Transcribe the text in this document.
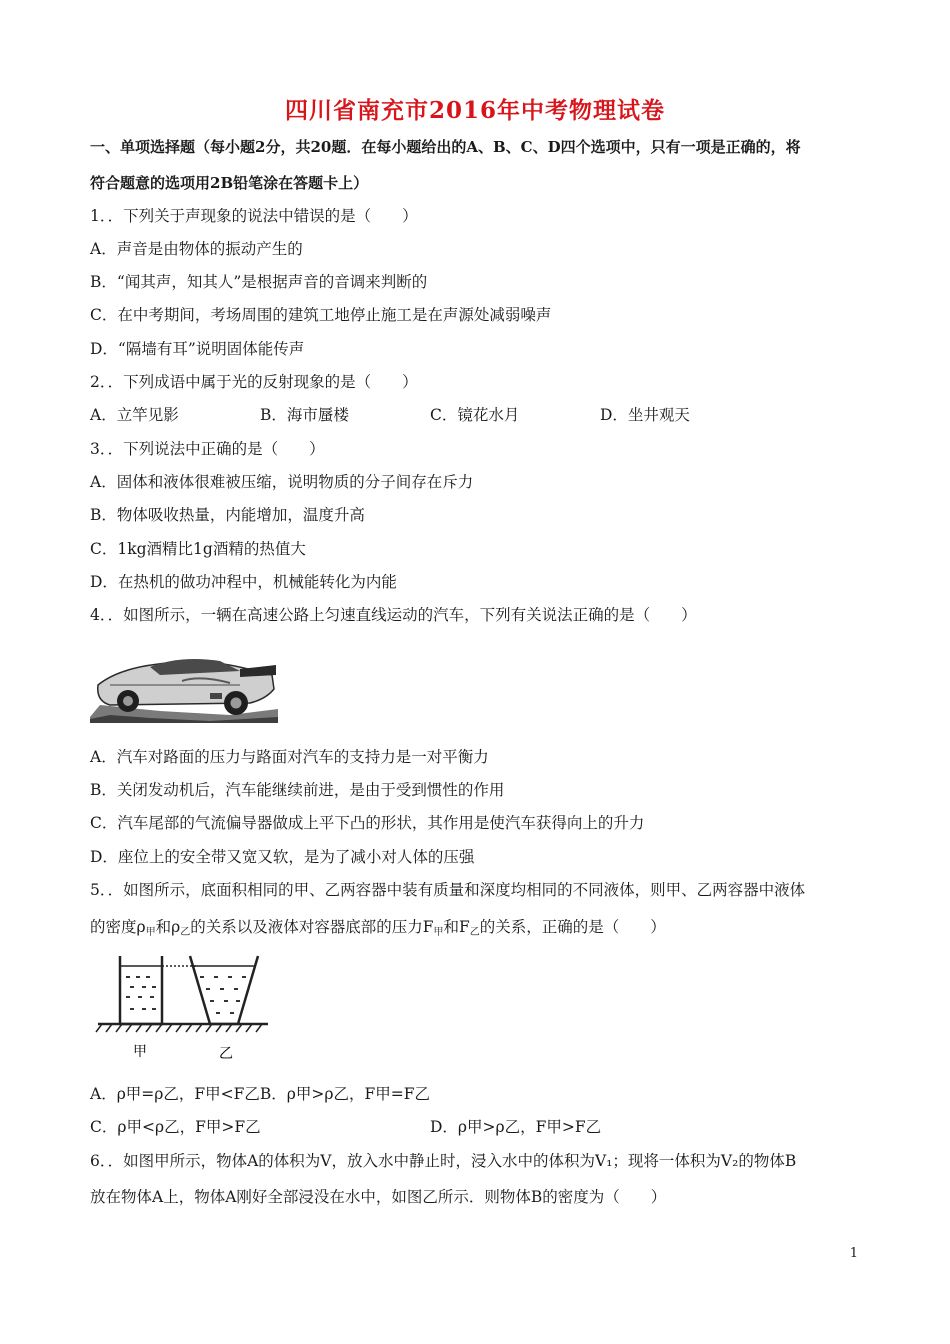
四川省南充市2016年中考物理试卷
一、单项选择题（每小题2分，共20题．在每小题给出的A、B、C、D四个选项中，只有一项是正确的，将
符合题意的选项用2B铅笔涂在答题卡上）
1．．下列关于声现象的说法中错误的是（　　）
A．声音是由物体的振动产生的
B．“闻其声，知其人”是根据声音的音调来判断的
C．在中考期间，考场周围的建筑工地停止施工是在声源处减弱噪声
D．“隔墙有耳”说明固体能传声
2．．下列成语中属于光的反射现象的是（　　）
A．立竿见影	B．海市蜃楼	C．镜花水月	D．坐井观天
3．．下列说法中正确的是（　　）
A．固体和液体很难被压缩，说明物质的分子间存在斥力
B．物体吸收热量，内能增加，温度升高
C．1kg酒精比1g酒精的热值大
D．在热机的做功冲程中，机械能转化为内能
4．．如图所示，一辆在高速公路上匀速直线运动的汽车，下列有关说法正确的是（　　）
A．汽车对路面的压力与路面对汽车的支持力是一对平衡力
B．关闭发动机后，汽车能继续前进，是由于受到惯性的作用
C．汽车尾部的气流偏导器做成上平下凸的形状，其作用是使汽车获得向上的升力
D．座位上的安全带又宽又软，是为了减小对人体的压强
5．．如图所示，底面积相同的甲、乙两容器中装有质量和深度均相同的不同液体，则甲、乙两容器中液体
的密度$\rho_甲$和$\rho_乙$的关系以及液体对容器底部的压力$F_甲$和$F_乙$的关系，正确的是（　　）
甲	乙
A．ρ甲=ρ乙，F甲<F乙B．ρ甲>ρ乙，F甲=F乙
C．ρ甲<ρ乙，F甲>F乙	D．ρ甲>ρ乙，F甲>F乙
6．．如图甲所示，物体A的体积为V，放入水中静止时，浸入水中的体积为V₁；现将一体积为V₂的物体B
放在物体A上，物体A刚好全部浸没在水中，如图乙所示．则物体B的密度为（　　）
1
